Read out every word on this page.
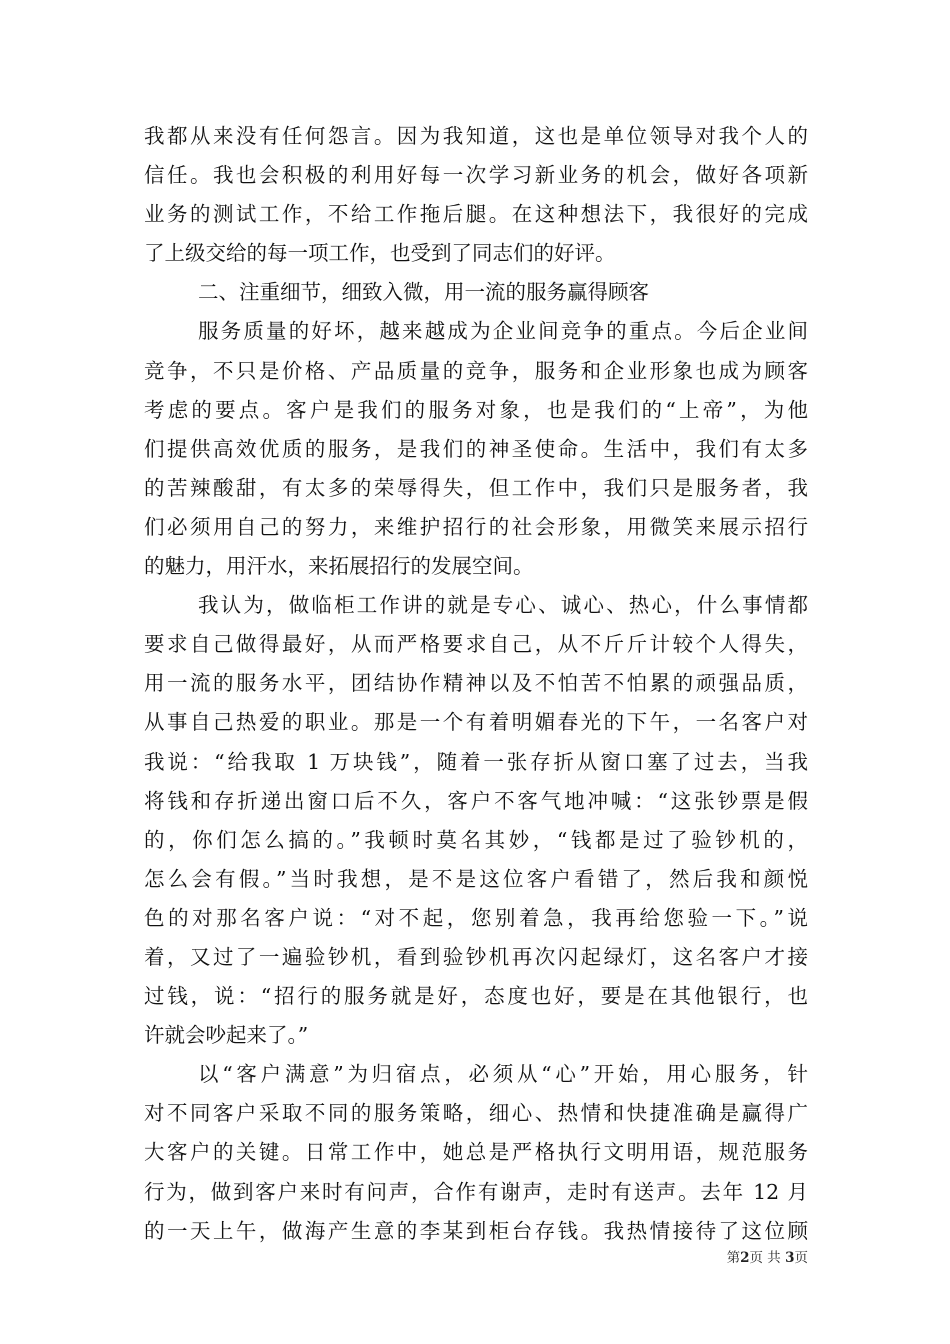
我都从来没有任何怨言。因为我知道，这也是单位领导对我个人的
信任。我也会积极的利用好每一次学习新业务的机会，做好各项新
业务的测试工作，不给工作拖后腿。在这种想法下，我很好的完成
了上级交给的每一项工作，也受到了同志们的好评。
二、注重细节，细致入微，用一流的服务赢得顾客
服务质量的好坏，越来越成为企业间竞争的重点。今后企业间
竞争，不只是价格、产品质量的竞争，服务和企业形象也成为顾客
考虑的要点。客户是我们的服务对象，也是我们的“上帝”，为他
们提供高效优质的服务，是我们的神圣使命。生活中，我们有太多
的苦辣酸甜，有太多的荣辱得失，但工作中，我们只是服务者，我
们必须用自己的努力，来维护招行的社会形象，用微笑来展示招行
的魅力，用汗水，来拓展招行的发展空间。
我认为，做临柜工作讲的就是专心、诚心、热心，什么事情都
要求自己做得最好，从而严格要求自己，从不斤斤计较个人得失，
用一流的服务水平，团结协作精神以及不怕苦不怕累的顽强品质，
从事自己热爱的职业。那是一个有着明媚春光的下午，一名客户对
我说：“给我取 1 万块钱”，随着一张存折从窗口塞了过去，当我
将钱和存折递出窗口后不久，客户不客气地冲喊：“这张钞票是假
的，你们怎么搞的。”我顿时莫名其妙，“钱都是过了验钞机的，
怎么会有假。”当时我想，是不是这位客户看错了，然后我和颜悦
色的对那名客户说：“对不起，您别着急，我再给您验一下。”说
着，又过了一遍验钞机，看到验钞机再次闪起绿灯，这名客户才接
过钱，说：“招行的服务就是好，态度也好，要是在其他银行，也
许就会吵起来了。”
以“客户满意”为归宿点，必须从“心”开始，用心服务，针
对不同客户采取不同的服务策略，细心、热情和快捷准确是赢得广
大客户的关键。日常工作中，她总是严格执行文明用语，规范服务
行为，做到客户来时有问声，合作有谢声，走时有送声。去年 12 月
的一天上午，做海产生意的李某到柜台存钱。我热情接待了这位顾
第2页 共 3页
